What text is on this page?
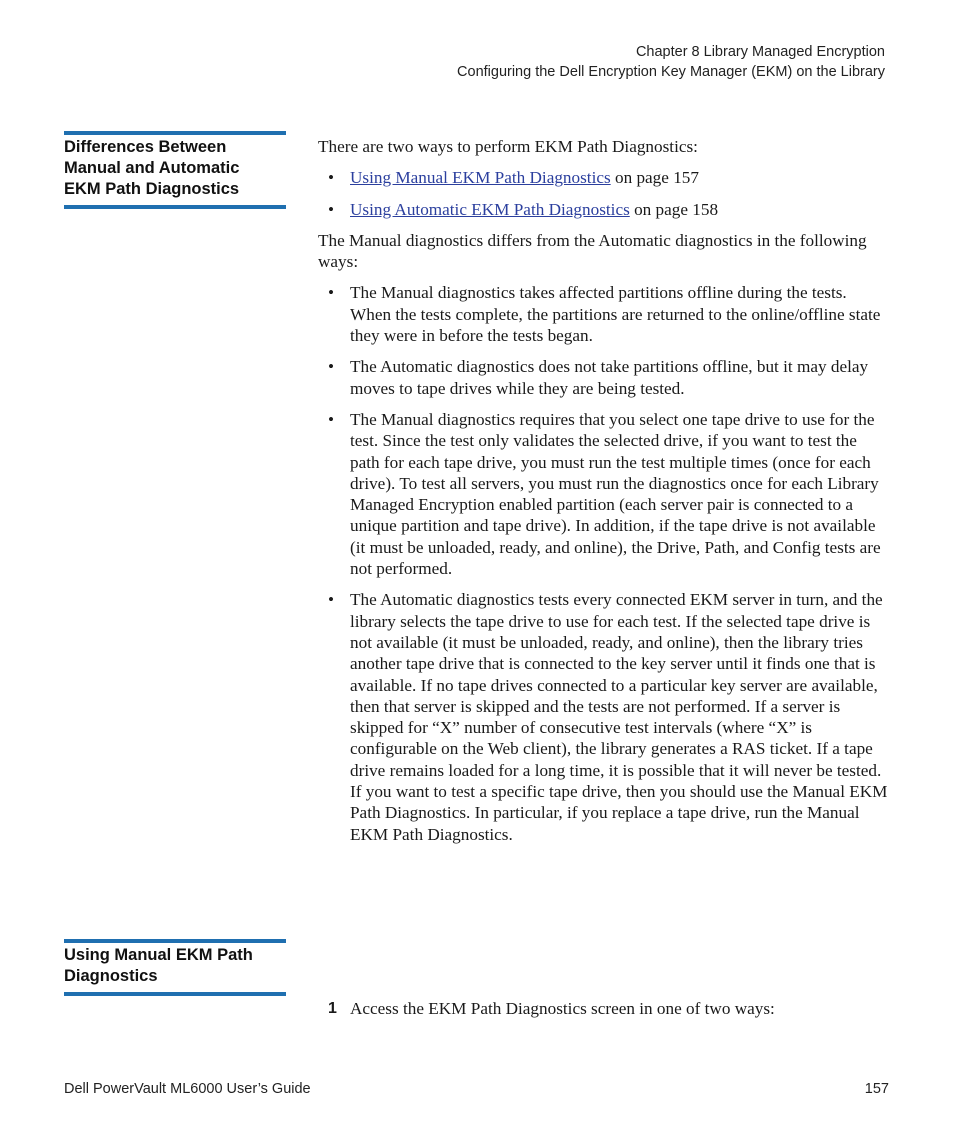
Chapter 8 Library Managed Encryption
Configuring the Dell Encryption Key Manager (EKM) on the Library
Differences Between
Manual and Automatic
EKM Path Diagnostics

There are two ways to perform EKM Path Diagnostics:

• Using Manual EKM Path Diagnostics on page 157
• Using Automatic EKM Path Diagnostics on page 158

The Manual diagnostics differs from the Automatic diagnostics in the following ways:

• The Manual diagnostics takes affected partitions offline during the tests. When the tests complete, the partitions are returned to the online/offline state they were in before the tests began.
• The Automatic diagnostics does not take partitions offline, but it may delay moves to tape drives while they are being tested.
• The Manual diagnostics requires that you select one tape drive to use for the test. Since the test only validates the selected drive, if you want to test the path for each tape drive, you must run the test multiple times (once for each drive). To test all servers, you must run the diagnostics once for each Library Managed Encryption enabled partition (each server pair is connected to a unique partition and tape drive). In addition, if the tape drive is not available (it must be unloaded, ready, and online), the Drive, Path, and Config tests are not performed.
• The Automatic diagnostics tests every connected EKM server in turn, and the library selects the tape drive to use for each test. If the selected tape drive is not available (it must be unloaded, ready, and online), then the library tries another tape drive that is connected to the key server until it finds one that is available. If no tape drives connected to a particular key server are available, then that server is skipped and the tests are not performed. If a server is skipped for “X” number of consecutive test intervals (where “X” is configurable on the Web client), the library generates a RAS ticket. If a tape drive remains loaded for a long time, it is possible that it will never be tested. If you want to test a specific tape drive, then you should use the Manual EKM Path Diagnostics. In particular, if you replace a tape drive, run the Manual EKM Path Diagnostics.
Using Manual EKM Path
Diagnostics
1 Access the EKM Path Diagnostics screen in one of two ways:
Dell PowerVault ML6000 User’s Guide	157
